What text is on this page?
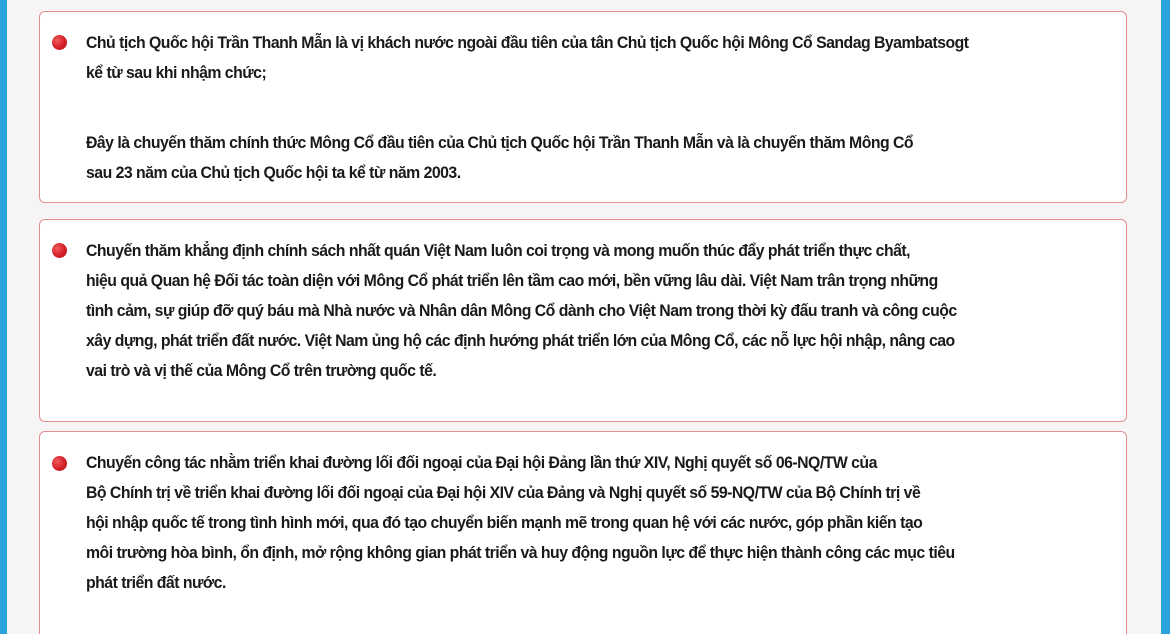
Chủ tịch Quốc hội Trần Thanh Mẫn là vị khách nước ngoài đầu tiên của tân Chủ tịch Quốc hội Mông Cổ Sandag Byambatsogt
kể từ sau khi nhậm chức;

Đây là chuyến thăm chính thức Mông Cổ đầu tiên của Chủ tịch Quốc hội Trần Thanh Mẫn và là chuyến thăm Mông Cổ
sau 23 năm của Chủ tịch Quốc hội ta kể từ năm 2003.

Chuyến thăm khẳng định chính sách nhất quán Việt Nam luôn coi trọng và mong muốn thúc đẩy phát triển thực chất,
hiệu quả Quan hệ Đối tác toàn diện với Mông Cổ phát triển lên tầm cao mới, bền vững lâu dài. Việt Nam trân trọng những
tình cảm, sự giúp đỡ quý báu mà Nhà nước và Nhân dân Mông Cổ dành cho Việt Nam trong thời kỳ đấu tranh và công cuộc
xây dựng, phát triển đất nước. Việt Nam ủng hộ các định hướng phát triển lớn của Mông Cổ, các nỗ lực hội nhập, nâng cao
vai trò và vị thế của Mông Cổ trên trường quốc tế.

Chuyến công tác nhằm triển khai đường lối đối ngoại của Đại hội Đảng lần thứ XIV, Nghị quyết số 06-NQ/TW của
Bộ Chính trị về triển khai đường lối đối ngoại của Đại hội XIV của Đảng và Nghị quyết số 59-NQ/TW của Bộ Chính trị về
hội nhập quốc tế trong tình hình mới, qua đó tạo chuyển biến mạnh mẽ trong quan hệ với các nước, góp phần kiến tạo
môi trường hòa bình, ổn định, mở rộng không gian phát triển và huy động nguồn lực để thực hiện thành công các mục tiêu
phát triển đất nước.
